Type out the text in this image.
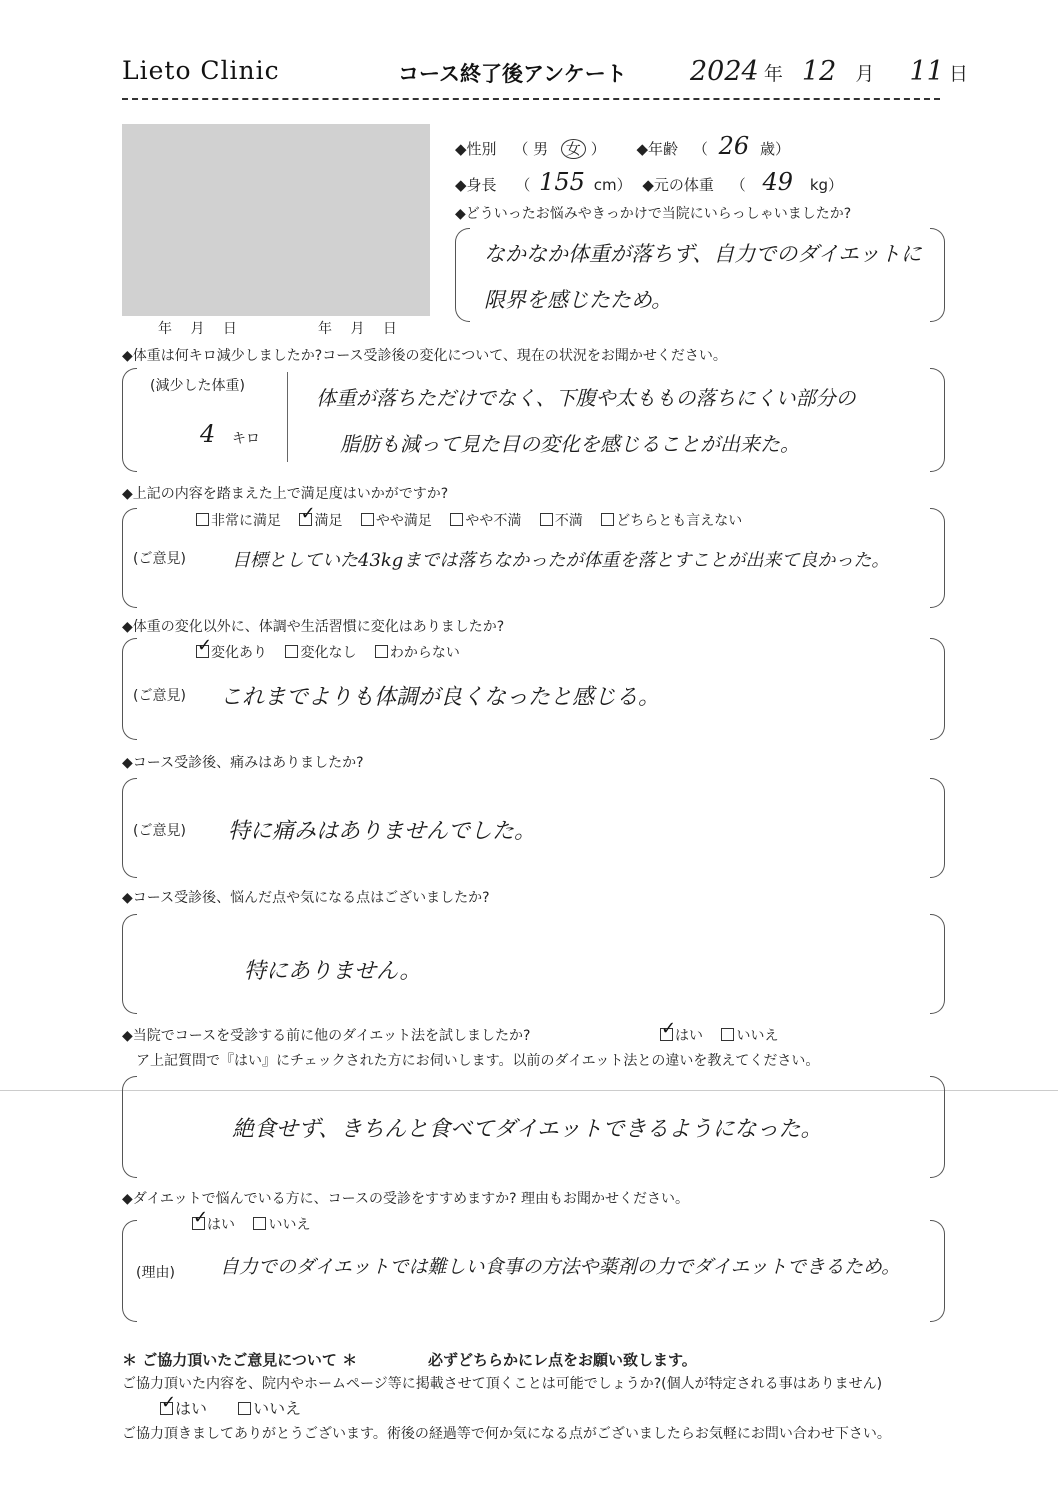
Lieto Clinic	コース終了後アンケート 2024 年 12 月 11 日
年　 月　 日	年　 月　 日
◆性別 （ 男 女 ） ◆年齢 （ 26 歳）
◆身長 （ 155 cm） ◆元の体重 （ 49 kg）
◆どういったお悩みやきっかけで当院にいらっしゃいましたか?
なかなか体重が落ちず、自力でのダイエットに
限界を感じたため。
◆体重は何キロ減少しましたか?コース受診後の変化について、現在の状況をお聞かせください。
(減少した体重)
4 キロ
体重が落ちただけでなく、下腹や太ももの落ちにくい部分の
脂肪も減って見た目の変化を感じることが出来た。
◆上記の内容を踏まえた上で満足度はいかがですか?
非常に満足 ✓ 満足 やや満足 やや不満 不満 どちらとも言えない
(ご意見)	目標としていた43kgまでは落ちなかったが体重を落とすことが出来て良かった。
◆体重の変化以外に、体調や生活習慣に変化はありましたか?
✓変化あり 変化なし わからない
(ご意見) これまでよりも体調が良くなったと感じる。
◆コース受診後、痛みはありましたか?
(ご意見) 特に痛みはありませんでした。
◆コース受診後、悩んだ点や気になる点はございましたか?
特にありません。
◆当院でコースを受診する前に他のダイエット法を試しましたか? ✓	はい いいえ
ア上記質問で『はい』にチェックされた方にお伺いします。以前のダイエット法との違いを教えてください。
絶食せず、きちんと食べてダイエットできるようになった。
◆ダイエットで悩んでいる方に、コースの受診をすすめますか? 理由もお聞かせください。
✓はい いいえ
(理由) 自力でのダイエットでは難しい食事の方法や薬剤の力でダイエットできるため。
＊ ご協力頂いたご意見について ＊	必ずどちらかにレ点をお願い致します。
ご協力頂いた内容を、院内やホームページ等に掲載させて頂くことは可能でしょうか?(個人が特定される事はありません)
✓はい	いいえ
ご協力頂きましてありがとうございます。術後の経過等で何か気になる点がございましたらお気軽にお問い合わせ下さい。
